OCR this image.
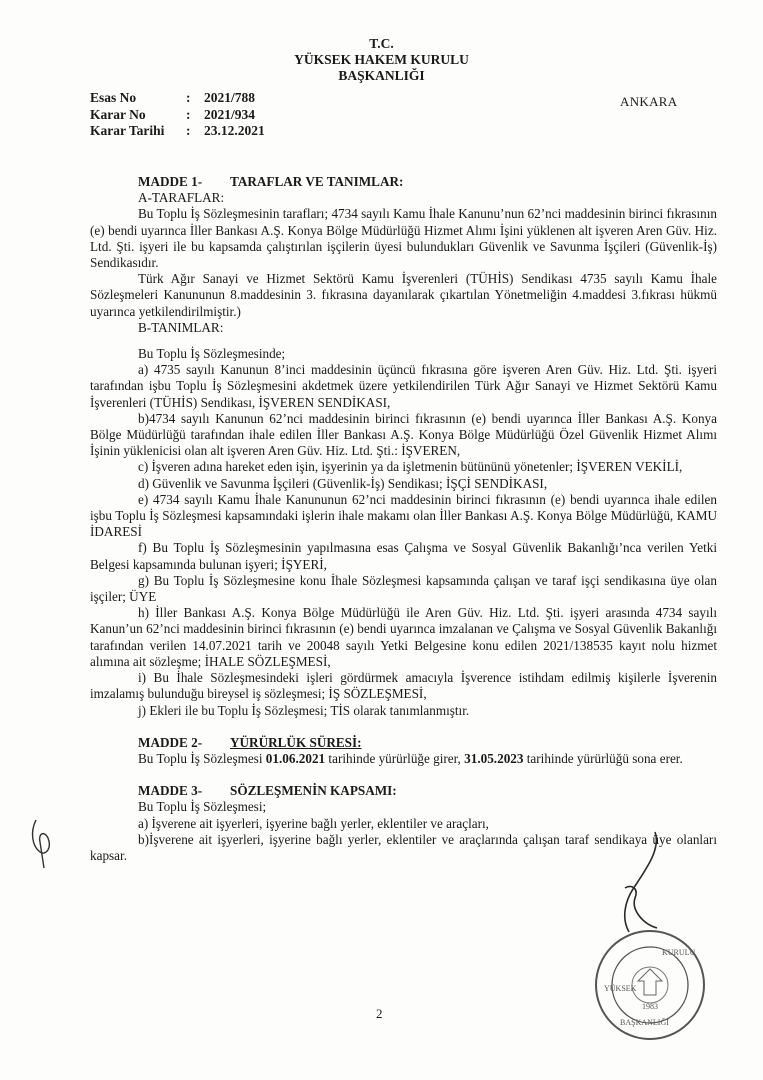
T.C.
YÜKSEK HAKEM KURULU
BAŞKANLIĞI
Esas No	:	2021/788
Karar No	:	2021/934
Karar Tarihi	:	23.12.2021
ANKARA
MADDE 1- TARAFLAR VE TANIMLAR:

A-TARAFLAR:

Bu Toplu İş Sözleşmesinin tarafları; 4734 sayılı Kamu İhale Kanunu’nun 62’nci maddesinin birinci fıkrasının (e) bendi uyarınca İller Bankası A.Ş. Konya Bölge Müdürlüğü Hizmet Alımı İşini yüklenen alt işveren Aren Güv. Hiz. Ltd. Şti. işyeri ile bu kapsamda çalıştırılan işçilerin üyesi bulundukları Güvenlik ve Savunma İşçileri (Güvenlik-İş) Sendikasıdır.

Türk Ağır Sanayi ve Hizmet Sektörü Kamu İşverenleri (TÜHİS) Sendikası 4735 sayılı Kamu İhale Sözleşmeleri Kanununun 8.maddesinin 3. fıkrasına dayanılarak çıkartılan Yönetmeliğin 4.maddesi 3.fıkrası hükmü uyarınca yetkilendirilmiştir.)

B-TANIMLAR:

Bu Toplu İş Sözleşmesinde;

a) 4735 sayılı Kanunun 8’inci maddesinin üçüncü fıkrasına göre işveren Aren Güv. Hiz. Ltd. Şti. işyeri tarafından işbu Toplu İş Sözleşmesini akdetmek üzere yetkilendirilen Türk Ağır Sanayi ve Hizmet Sektörü Kamu İşverenleri (TÜHİS) Sendikası, İŞVEREN SENDİKASI,

b)4734 sayılı Kanunun 62’nci maddesinin birinci fıkrasının (e) bendi uyarınca İller Bankası A.Ş. Konya Bölge Müdürlüğü tarafından ihale edilen İller Bankası A.Ş. Konya Bölge Müdürlüğü Özel Güvenlik Hizmet Alımı İşinin yüklenicisi olan alt işveren Aren Güv. Hiz. Ltd. Şti.: İŞVEREN,

c) İşveren adına hareket eden işin, işyerinin ya da işletmenin bütününü yönetenler; İŞVEREN VEKİLİ,

d) Güvenlik ve Savunma İşçileri (Güvenlik-İş) Sendikası; İŞÇİ SENDİKASI,

e) 4734 sayılı Kamu İhale Kanununun 62’nci maddesinin birinci fıkrasının (e) bendi uyarınca ihale edilen işbu Toplu İş Sözleşmesi kapsamındaki işlerin ihale makamı olan İller Bankası A.Ş. Konya Bölge Müdürlüğü, KAMU İDARESİ

f) Bu Toplu İş Sözleşmesinin yapılmasına esas Çalışma ve Sosyal Güvenlik Bakanlığı’nca verilen Yetki Belgesi kapsamında bulunan işyeri; İŞYERİ,

g) Bu Toplu İş Sözleşmesine konu İhale Sözleşmesi kapsamında çalışan ve taraf işçi sendikasına üye olan işçiler; ÜYE

h) İller Bankası A.Ş. Konya Bölge Müdürlüğü ile Aren Güv. Hiz. Ltd. Şti. işyeri arasında 4734 sayılı Kanun’un 62’nci maddesinin birinci fıkrasının (e) bendi uyarınca imzalanan ve Çalışma ve Sosyal Güvenlik Bakanlığı tarafından verilen 14.07.2021 tarih ve 20048 sayılı Yetki Belgesine konu edilen 2021/138535 kayıt nolu hizmet alımına ait sözleşme; İHALE SÖZLEŞMESİ,

i) Bu İhale Sözleşmesindeki işleri gördürmek amacıyla İşverence istihdam edilmiş kişilerle İşverenin imzalamış bulunduğu bireysel iş sözleşmesi; İŞ SÖZLEŞMESİ,

j) Ekleri ile bu Toplu İş Sözleşmesi; TİS olarak tanımlanmıştır.

MADDE 2- YÜRÜRLÜK SÜRESİ:

Bu Toplu İş Sözleşmesi 01.06.2021 tarihinde yürürlüğe girer, 31.05.2023 tarihinde yürürlüğü sona erer.

MADDE 3- SÖZLEŞMENİN KAPSAMI:

Bu Toplu İş Sözleşmesi;

a) İşverene ait işyerleri, işyerine bağlı yerler, eklentiler ve araçları,

b)İşverene ait işyerleri, işyerine bağlı yerler, eklentiler ve araçlarında çalışan taraf sendikaya üye olanları kapsar.

2
YÜKSEK
KURULU
BAŞKANLIĞI
1983
